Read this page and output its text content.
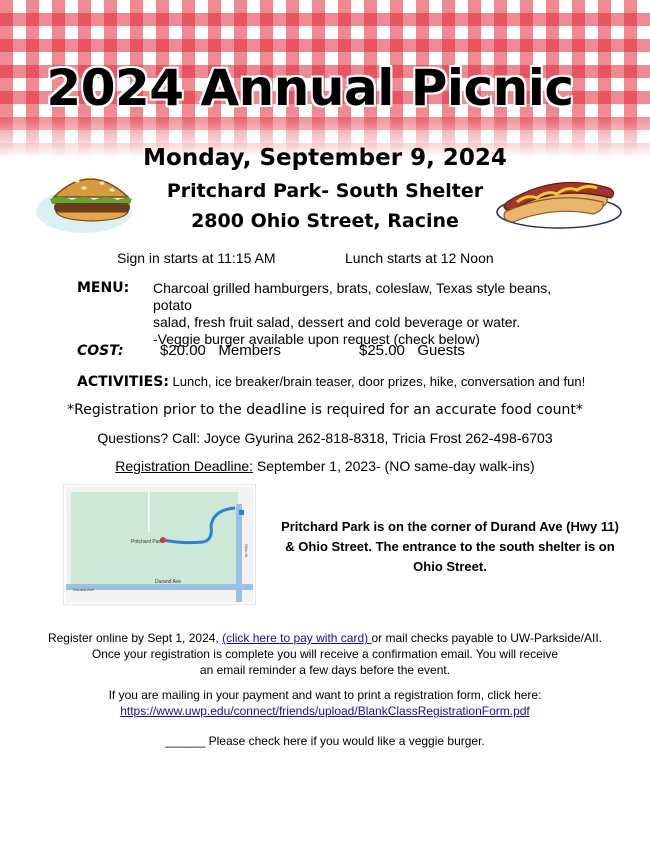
2024 Annual Picnic
Monday, September 9, 2024
Pritchard Park- South Shelter
2800 Ohio Street, Racine
Sign in starts at 11:15 AM	Lunch starts at 12 Noon
MENU: Charcoal grilled hamburgers, brats, coleslaw, Texas style beans, potato
salad, fresh fruit salad, dessert and cold beverage or water.
-Veggie burger available upon request (check below)
COST: $20.00   Members	$25.00   Guests
ACTIVITIES: Lunch, ice breaker/brain teaser, door prizes, hike, conversation and fun!
*Registration prior to the deadline is required for an accurate food count*
Questions? Call: Joyce Gyurina 262-818-8318, Tricia Frost 262-498-6703
Registration Deadline: September 1, 2023- (NO same-day walk-ins)
Pritchard Park
Durand Ave
Durand Ave
Ohio St
Pritchard Park is on the corner of Durand Ave (Hwy 11) & Ohio Street. The entrance to the south shelter is on Ohio Street.
Register online by Sept 1, 2024, (click here to pay with card) or mail checks payable to UW-Parkside/AII.
Once your registration is complete you will receive a confirmation email. You will receive
an email reminder a few days before the event.
If you are mailing in your payment and want to print a registration form, click here:
https://www.uwp.edu/connect/friends/upload/BlankClassRegistrationForm.pdf
______ Please check here if you would like a veggie burger.
